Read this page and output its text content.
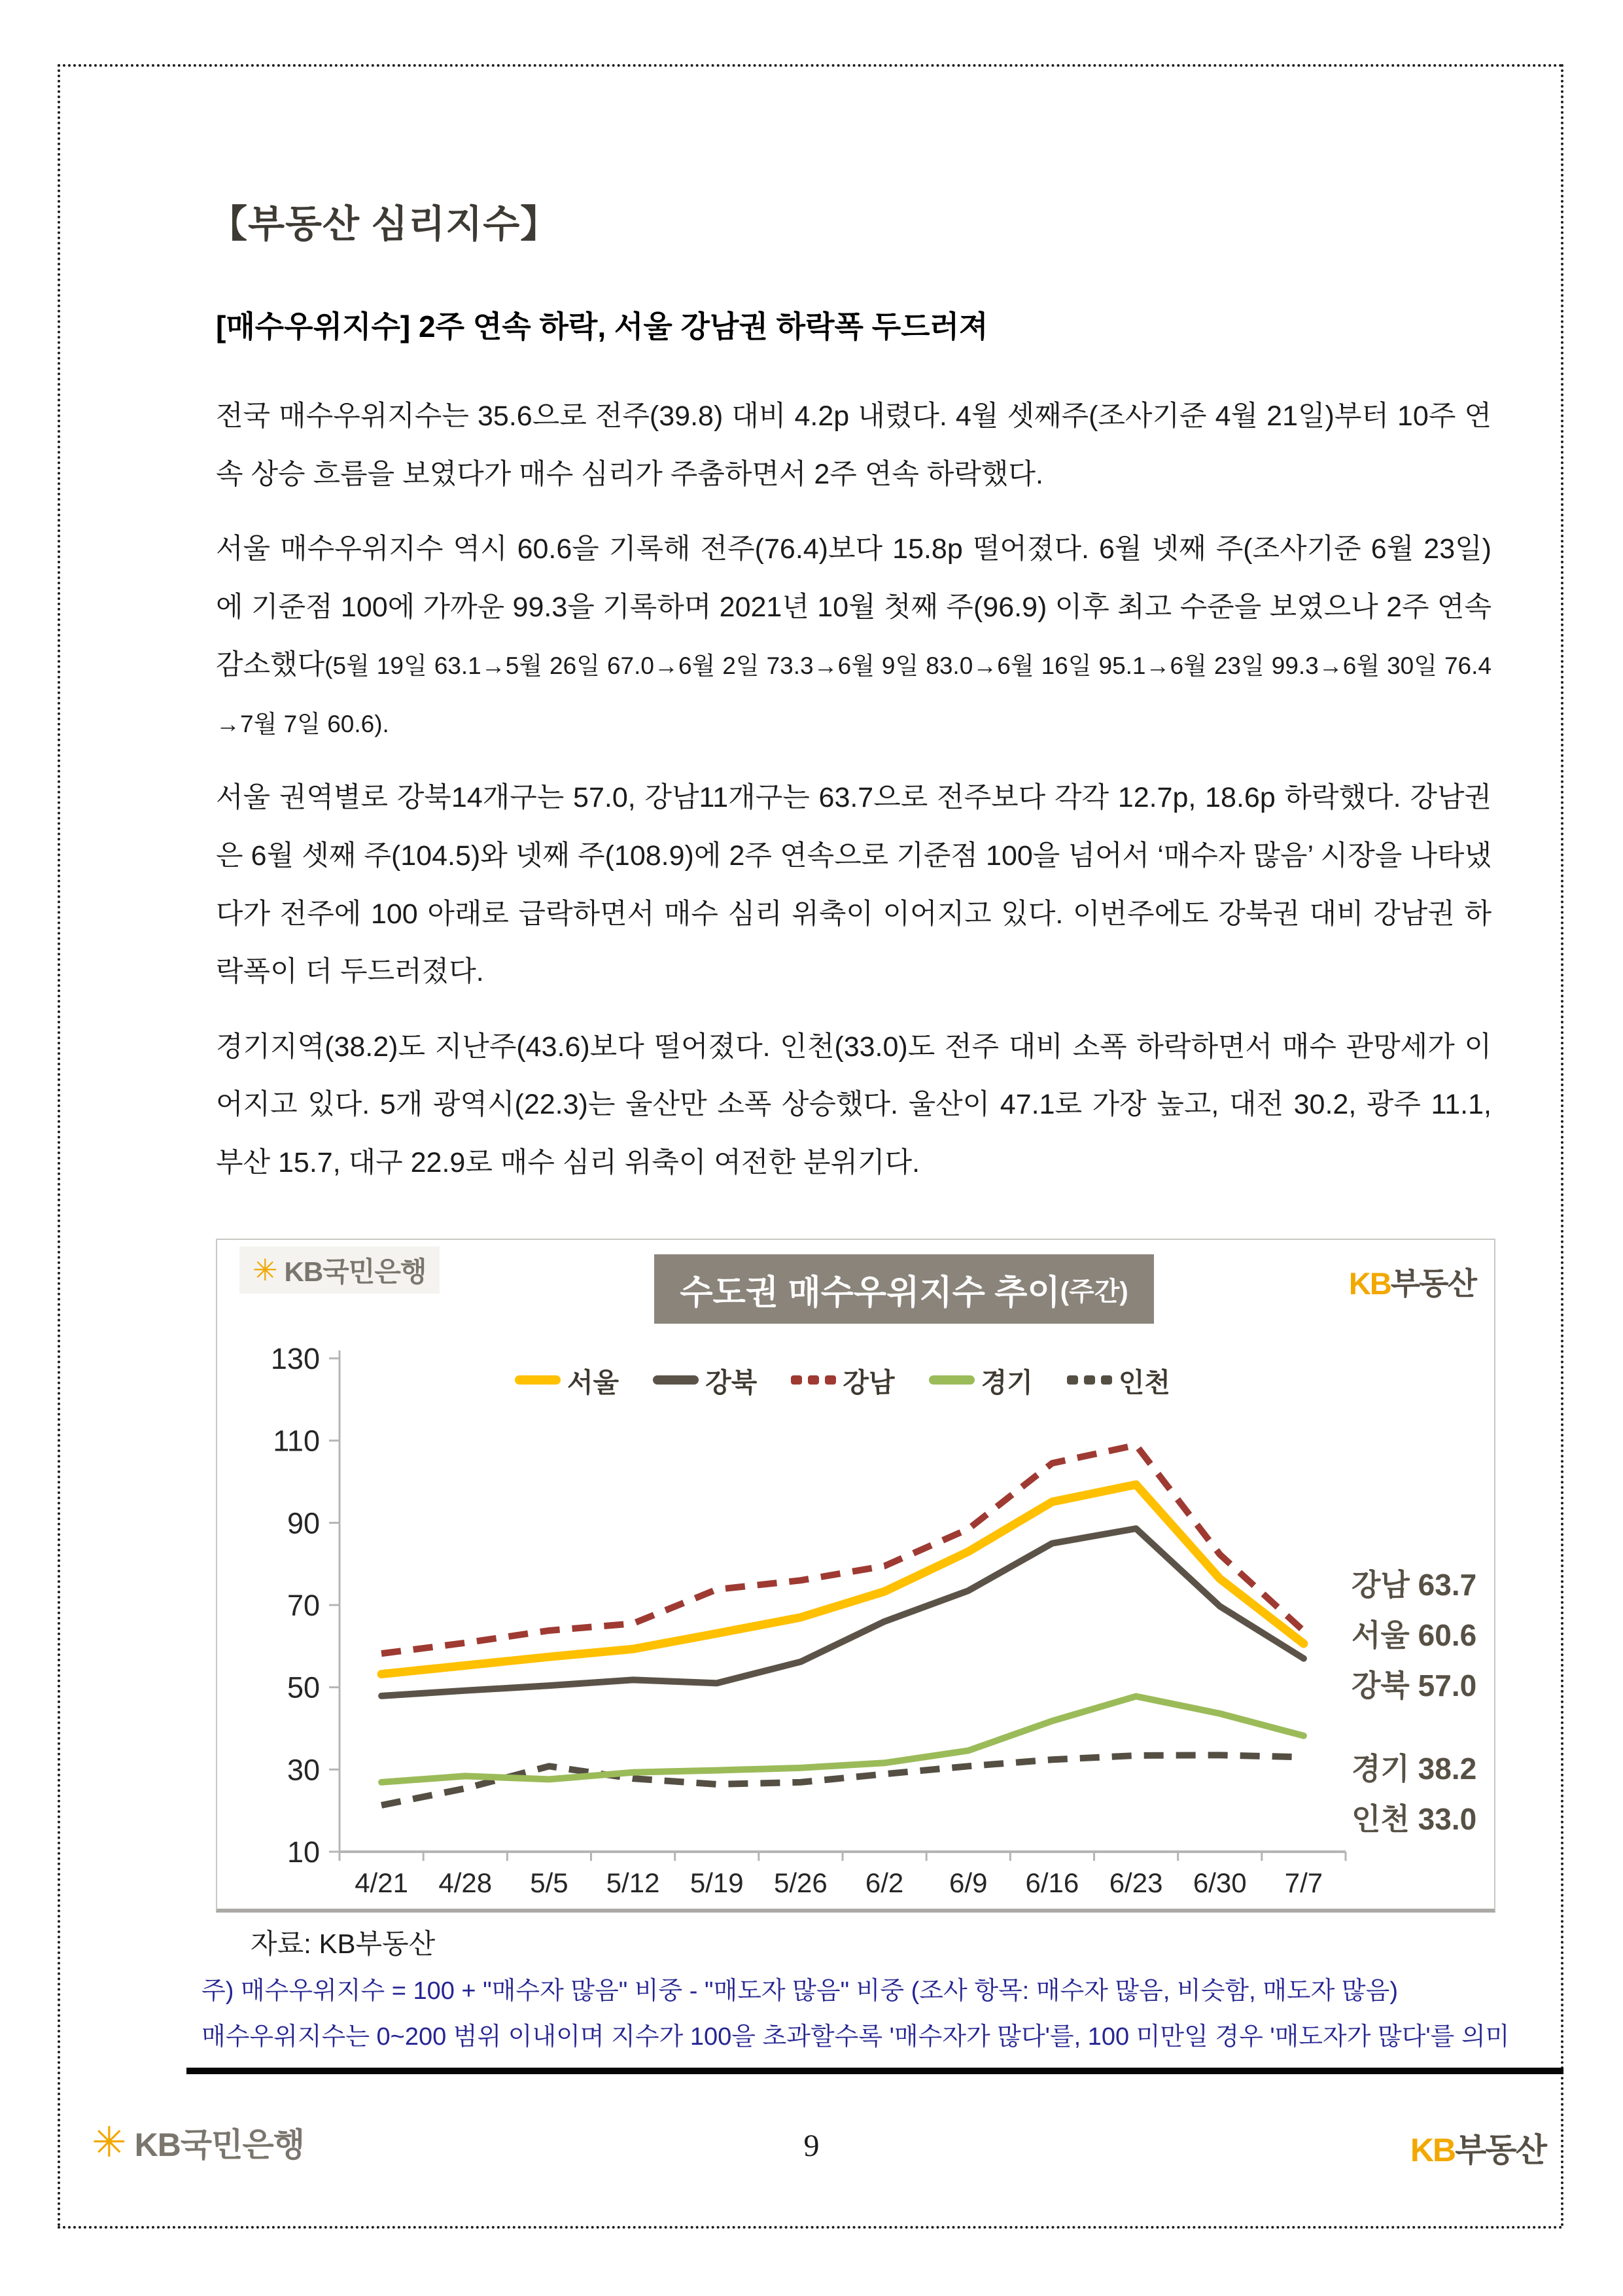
【부동산 심리지수】
[매수우위지수] 2주 연속 하락, 서울 강남권 하락폭 두드러져

전국 매수우위지수는 35.6으로 전주(39.8) 대비 4.2p 내렸다. 4월 셋째주(조사기준 4월 21일)부터 10주 연속 상승 흐름을 보였다가 매수 심리가 주춤하면서 2주 연속 하락했다.

서울 매수우위지수 역시 60.6을 기록해 전주(76.4)보다 15.8p 떨어졌다. 6월 넷째 주(조사기준 6월 23일)에 기준점 100에 가까운 99.3을 기록하며 2021년 10월 첫째 주(96.9) 이후 최고 수준을 보였으나 2주 연속 감소했다(5월 19일 63.1→5월 26일 67.0→6월 2일 73.3→6월 9일 83.0→6월 16일 95.1→6월 23일 99.3→6월 30일 76.4→7월 7일 60.6).

서울 권역별로 강북14개구는 57.0, 강남11개구는 63.7으로 전주보다 각각 12.7p, 18.6p 하락했다. 강남권은 6월 셋째 주(104.5)와 넷째 주(108.9)에 2주 연속으로 기준점 100을 넘어서 ‘매수자 많음’ 시장을 나타냈다가 전주에 100 아래로 급락하면서 매수 심리 위축이 이어지고 있다. 이번주에도 강북권 대비 강남권 하락폭이 더 두드러졌다.

경기지역(38.2)도 지난주(43.6)보다 떨어졌다. 인천(33.0)도 전주 대비 소폭 하락하면서 매수 관망세가 이어지고 있다. 5개 광역시(22.3)는 울산만 소폭 상승했다. 울산이 47.1로 가장 높고, 대전 30.2, 광주 11.1, 부산 15.7, 대구 22.9로 매수 심리 위축이 여전한 분위기다.

10
30
50
70
90
110
130
4/21 4/28 5/5 5/12 5/19 5/26 6/2 6/9 6/16 6/23 6/30 7/7
강남 63.7
서울 60.6
강북 57.0
경기 38.2
인천 33.0
✳ KB국민은행
수도권 매수우위지수 추이 (주간)	KB부동산
서울	강북	강남	경기	인천
자료: KB부동산
주) 매수우위지수 = 100 + "매수자 많음" 비중 - "매도자 많음" 비중 (조사 항목: 매수자 많음, 비슷함, 매도자 많음)
매수우위지수는 0~200 범위 이내이며 지수가 100을 초과할수록 '매수자가 많다'를, 100 미만일 경우 '매도자가 많다'를 의미
✳ KB국민은행	9	KB부동산
